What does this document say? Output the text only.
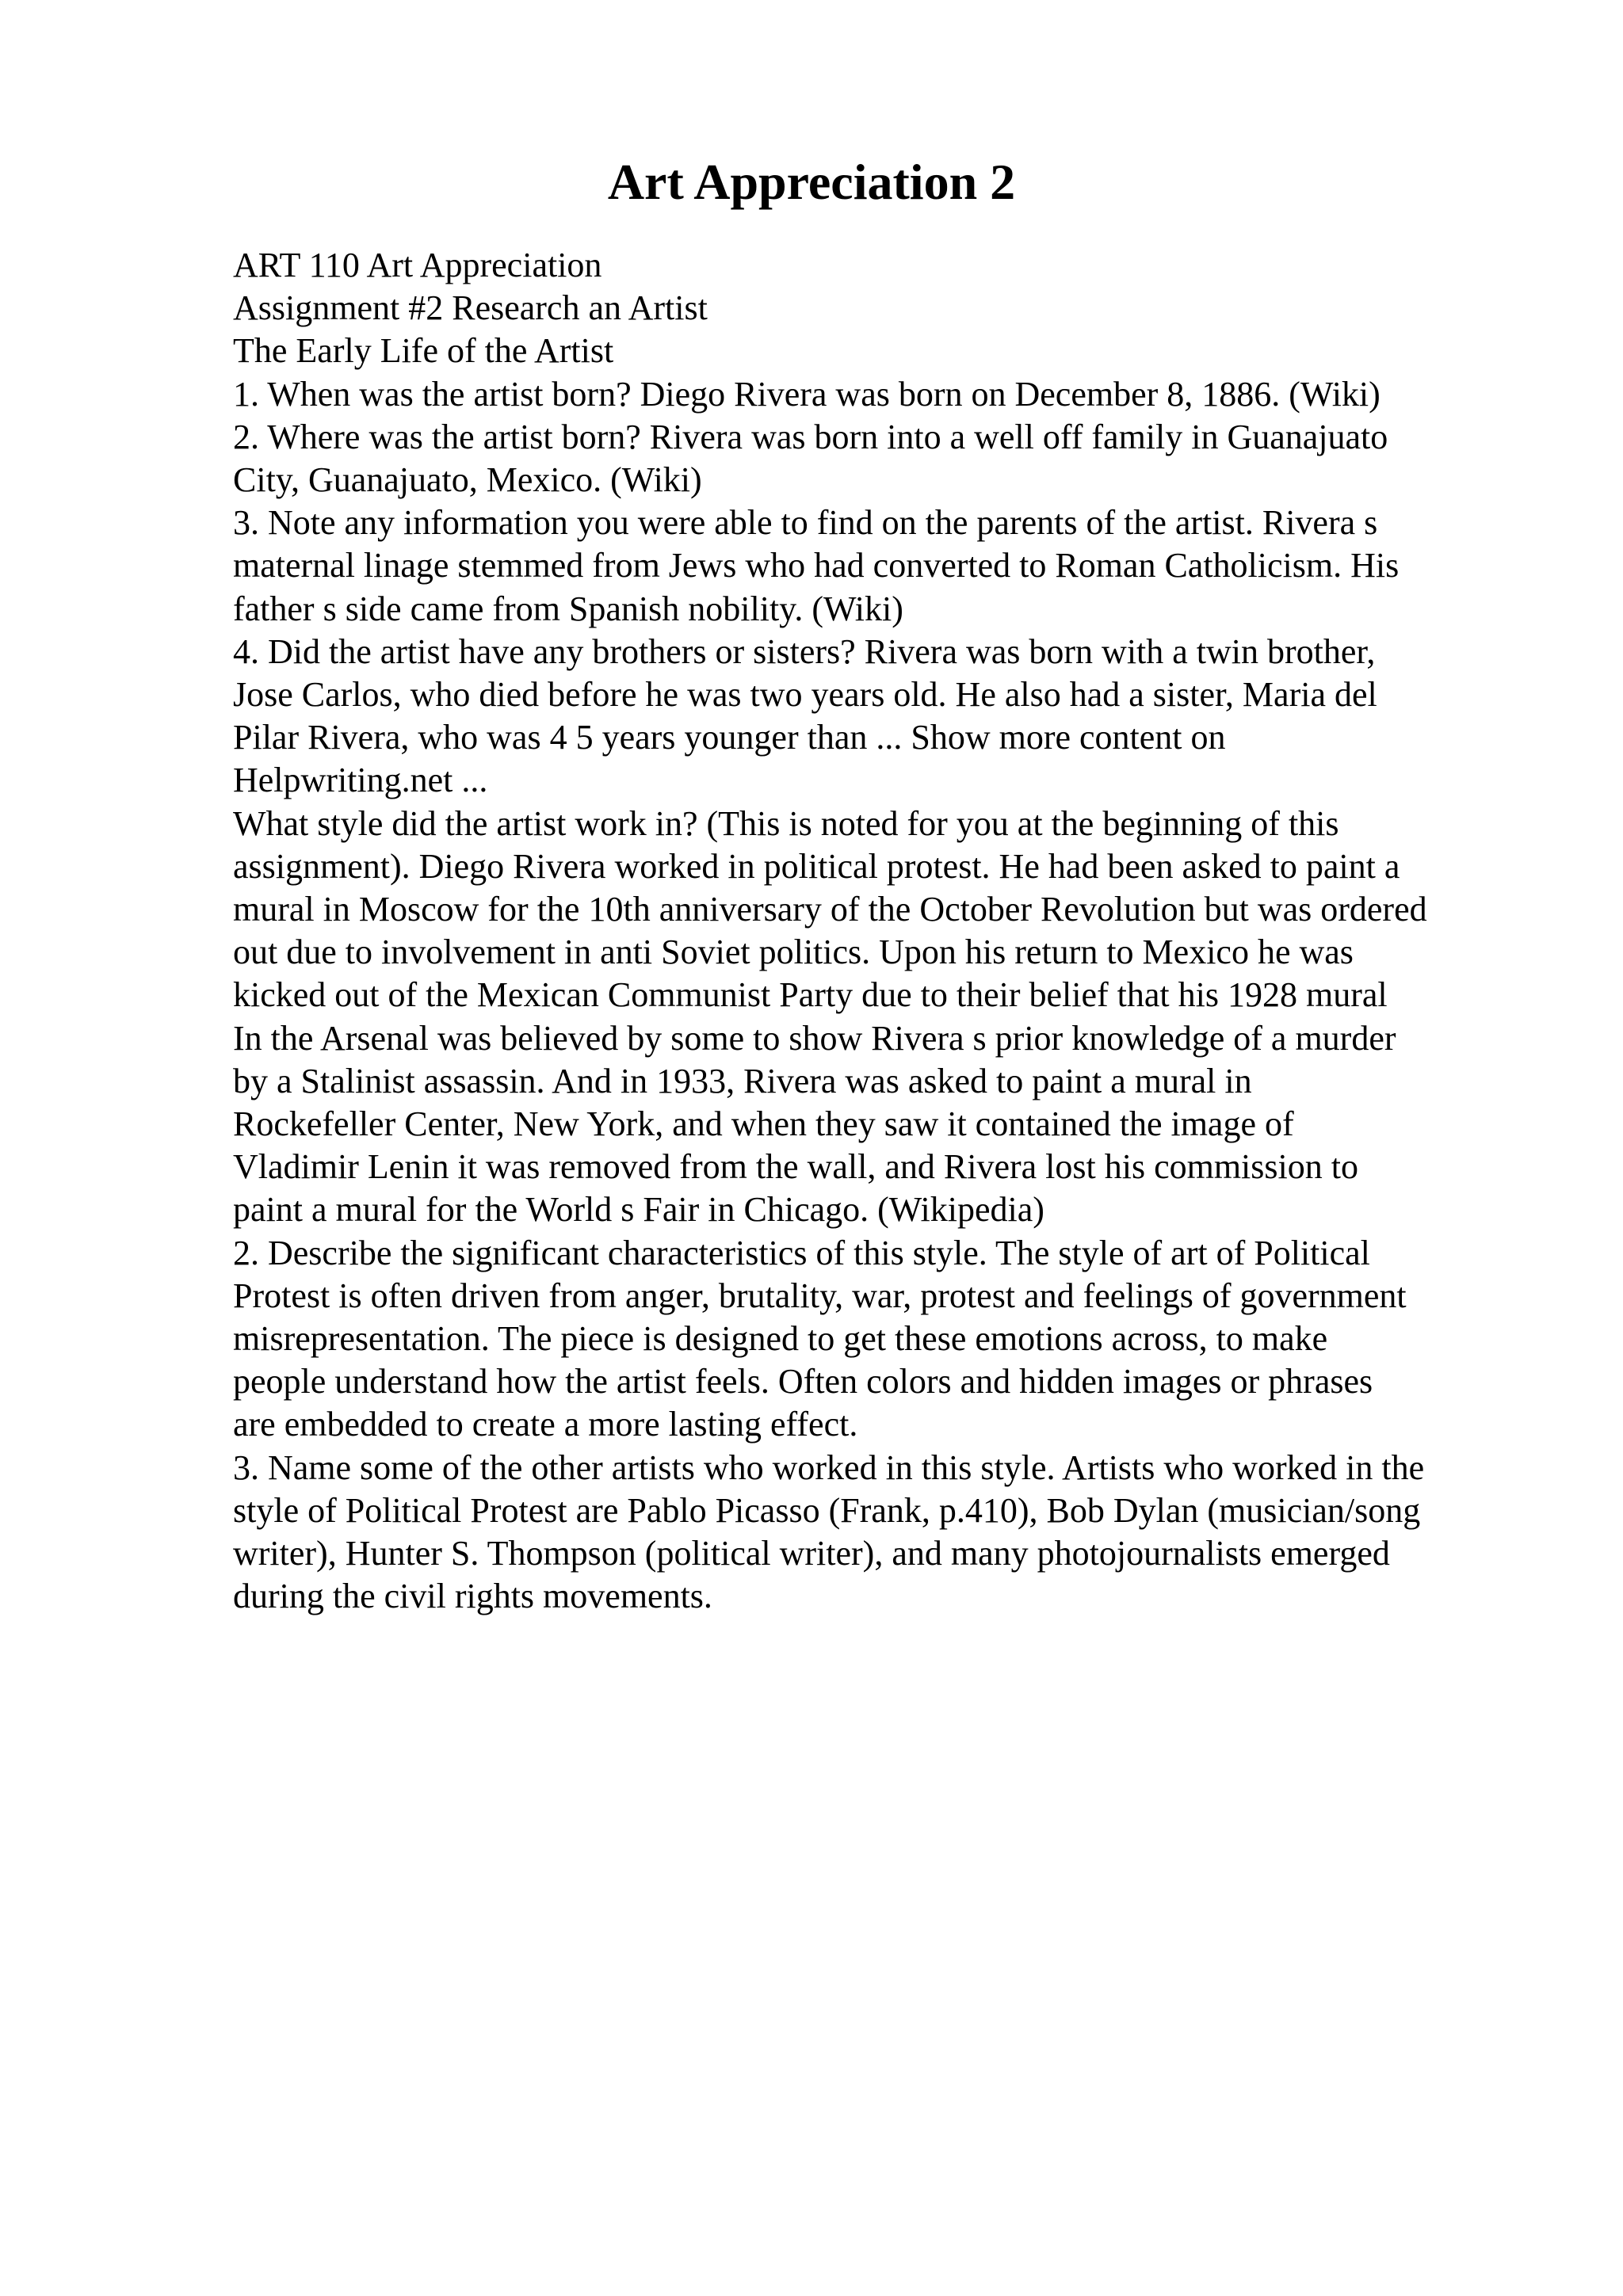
Art Appreciation 2
ART 110 Art Appreciation
Assignment #2 Research an Artist
The Early Life of the Artist
1. When was the artist born? Diego Rivera was born on December 8, 1886. (Wiki)
2. Where was the artist born? Rivera was born into a well off family in Guanajuato
City, Guanajuato, Mexico. (Wiki)
3. Note any information you were able to find on the parents of the artist. Rivera s
maternal linage stemmed from Jews who had converted to Roman Catholicism. His
father s side came from Spanish nobility. (Wiki)
4. Did the artist have any brothers or sisters? Rivera was born with a twin brother,
Jose Carlos, who died before he was two years old. He also had a sister, Maria del
Pilar Rivera, who was 4 5 years younger than ... Show more content on
Helpwriting.net ...
What style did the artist work in? (This is noted for you at the beginning of this
assignment). Diego Rivera worked in political protest. He had been asked to paint a
mural in Moscow for the 10th anniversary of the October Revolution but was ordered
out due to involvement in anti Soviet politics. Upon his return to Mexico he was
kicked out of the Mexican Communist Party due to their belief that his 1928 mural
In the Arsenal was believed by some to show Rivera s prior knowledge of a murder
by a Stalinist assassin. And in 1933, Rivera was asked to paint a mural in
Rockefeller Center, New York, and when they saw it contained the image of
Vladimir Lenin it was removed from the wall, and Rivera lost his commission to
paint a mural for the World s Fair in Chicago. (Wikipedia)
2. Describe the significant characteristics of this style. The style of art of Political
Protest is often driven from anger, brutality, war, protest and feelings of government
misrepresentation. The piece is designed to get these emotions across, to make
people understand how the artist feels. Often colors and hidden images or phrases
are embedded to create a more lasting effect.
3. Name some of the other artists who worked in this style. Artists who worked in the
style of Political Protest are Pablo Picasso (Frank, p.410), Bob Dylan (musician/song
writer), Hunter S. Thompson (political writer), and many photojournalists emerged
during the civil rights movements.
